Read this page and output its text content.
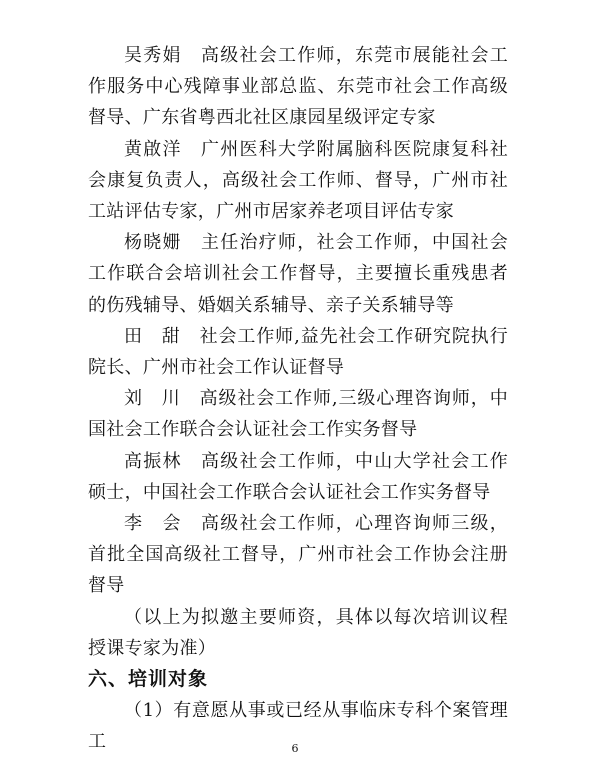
吴秀娟　高级社会工作师，东莞市展能社会工作服务中心残障事业部总监、东莞市社会工作高级督导、广东省粤西北社区康园星级评定专家

黄啟洋　广州医科大学附属脑科医院康复科社会康复负责人，高级社会工作师、督导，广州市社工站评估专家，广州市居家养老项目评估专家

杨晓姗　主任治疗师，社会工作师，中国社会工作联合会培训社会工作督导，主要擅长重残患者的伤残辅导、婚姻关系辅导、亲子关系辅导等

田　甜　社会工作师,益先社会工作研究院执行院长、广州市社会工作认证督导

刘　川　高级社会工作师,三级心理咨询师，中国社会工作联合会认证社会工作实务督导

高振林　高级社会工作师，中山大学社会工作硕士，中国社会工作联合会认证社会工作实务督导

李　会　高级社会工作师，心理咨询师三级，首批全国高级社工督导，广州市社会工作协会注册督导

（以上为拟邀主要师资，具体以每次培训议程授课专家为准）

六、培训对象

（1）有意愿从事或已经从事临床专科个案管理工	6
